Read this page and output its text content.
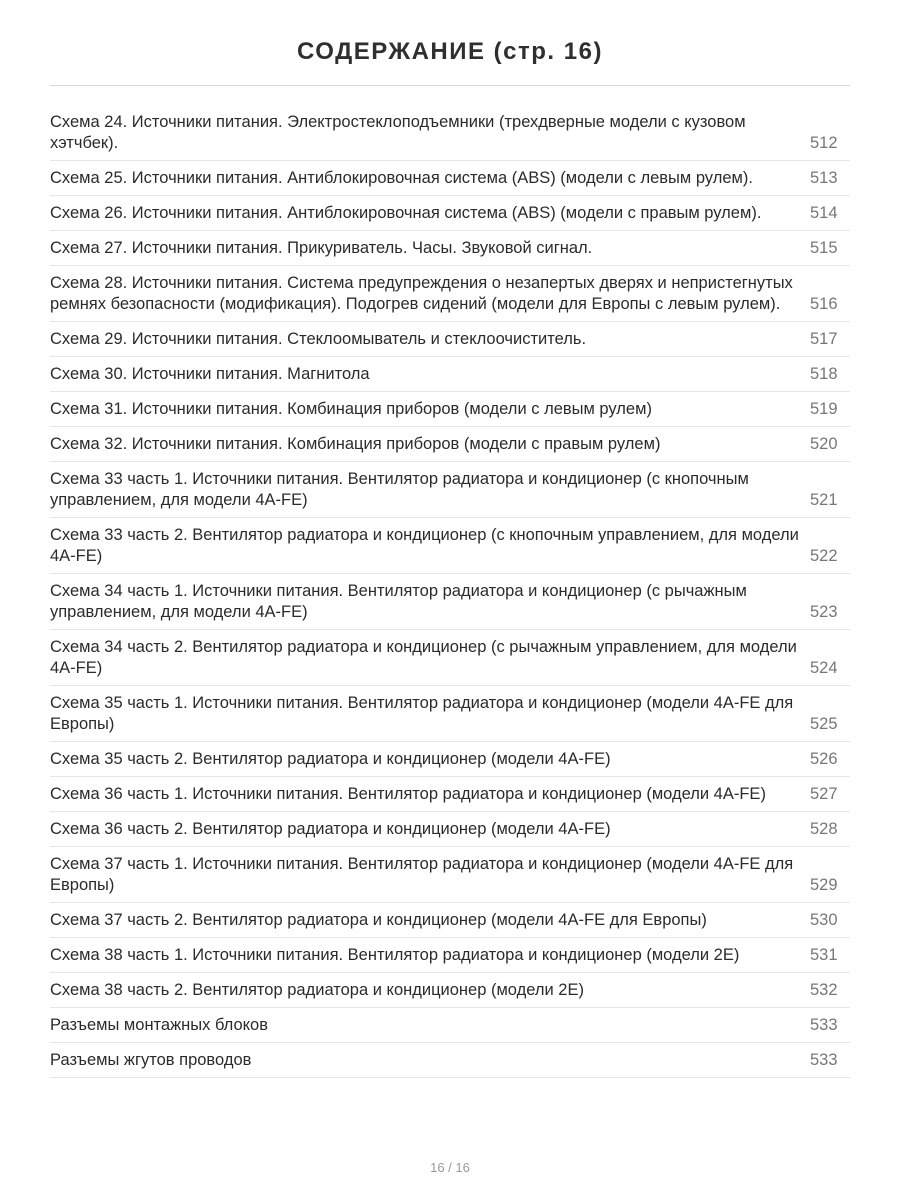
СОДЕРЖАНИЕ (стр. 16)
Схема 24. Источники питания. Электростеклоподъемники (трехдверные модели с кузовом хэтчбек).	512
Схема 25. Источники питания. Антиблокировочная система (ABS) (модели с левым рулем).	513
Схема 26. Источники питания. Антиблокировочная система (ABS) (модели с правым рулем).	514
Схема 27. Источники питания. Прикуриватель. Часы. Звуковой сигнал.	515
Схема 28. Источники питания. Система предупреждения о незапертых дверях и непристегнутых ремнях безопасности (модификация). Подогрев сидений (модели для Европы с левым рулем).	516
Схема 29. Источники питания. Стеклоомыватель и стеклоочиститель.	517
Схема 30. Источники питания. Магнитола	518
Схема 31. Источники питания. Комбинация приборов (модели с левым рулем)	519
Схема 32. Источники питания. Комбинация приборов (модели с правым рулем)	520
Схема 33 часть 1. Источники питания. Вентилятор радиатора и кондиционер (с кнопочным управлением, для модели 4A-FE)	521
Схема 33 часть 2. Вентилятор радиатора и кондиционер (с кнопочным управлением, для модели 4A-FE)	522
Схема 34 часть 1. Источники питания. Вентилятор радиатора и кондиционер (с рычажным управлением, для модели 4A-FE)	523
Схема 34 часть 2. Вентилятор радиатора и кондиционер (с рычажным управлением, для модели 4A-FE)	524
Схема 35 часть 1. Источники питания. Вентилятор радиатора и кондиционер (модели 4A-FE для Европы)	525
Схема 35 часть 2. Вентилятор радиатора и кондиционер (модели 4A-FE)	526
Схема 36 часть 1. Источники питания. Вентилятор радиатора и кондиционер (модели 4A-FE)	527
Схема 36 часть 2. Вентилятор радиатора и кондиционер (модели 4A-FE)	528
Схема 37 часть 1. Источники питания. Вентилятор радиатора и кондиционер (модели 4A-FE для Европы)	529
Схема 37 часть 2. Вентилятор радиатора и кондиционер (модели 4A-FE для Европы)	530
Схема 38 часть 1. Источники питания. Вентилятор радиатора и кондиционер (модели 2E)	531
Схема 38 часть 2. Вентилятор радиатора и кондиционер (модели 2E)	532
Разъемы монтажных блоков	533
Разъемы жгутов проводов	533
16 / 16
